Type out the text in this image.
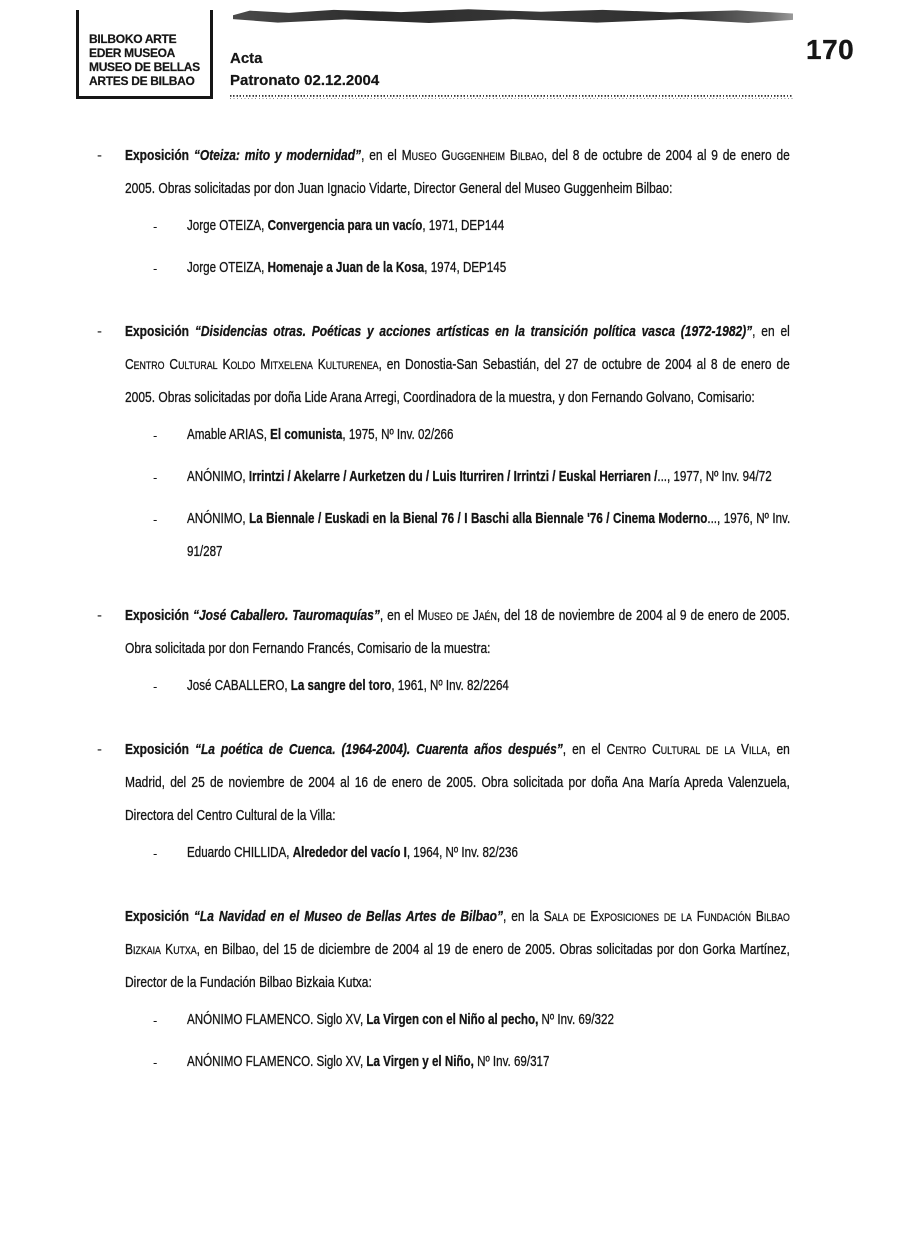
BILBOKO ARTE
EDER MUSEOA
MUSEO DE BELLAS
ARTES DE BILBAO
Acta
Patronato 02.12.2004
170
- Exposición “Oteiza: mito y modernidad”, en el Museo Guggenheim Bilbao, del 8 de octubre de 2004 al 9 de enero de 2005. Obras solicitadas por don Juan Ignacio Vidarte, Director General del Museo Guggenheim Bilbao:
- Jorge OTEIZA, Convergencia para un vacío, 1971, DEP144
- Jorge OTEIZA, Homenaje a Juan de la Kosa, 1974, DEP145
- Exposición “Disidencias otras. Poéticas y acciones artísticas en la transición política vasca (1972-1982)”, en el Centro Cultural Koldo Mitxelena Kulturenea, en Donostia-San Sebastián, del 27 de octubre de 2004 al 8 de enero de 2005. Obras solicitadas por doña Lide Arana Arregi, Coordinadora de la muestra, y don Fernando Golvano, Comisario:
- Amable ARIAS, El comunista, 1975, Nº Inv. 02/266
- ANÓNIMO, Irrintzi / Akelarre / Aurketzen du / Luis Iturriren / Irrintzi / Euskal Herriaren /..., 1977, Nº Inv. 94/72
- ANÓNIMO, La Biennale / Euskadi en la Bienal 76 / I Baschi alla Biennale '76 / Cinema Moderno..., 1976, Nº Inv. 91/287
- Exposición “José Caballero. Tauromaquías”, en el Museo de Jaén, del 18 de noviembre de 2004 al 9 de enero de 2005. Obra solicitada por don Fernando Francés, Comisario de la muestra:
- José CABALLERO, La sangre del toro, 1961, Nº Inv. 82/2264
- Exposición “La poética de Cuenca. (1964-2004). Cuarenta años después”, en el Centro Cultural de la Villa, en Madrid, del 25 de noviembre de 2004 al 16 de enero de 2005. Obra solicitada por doña Ana María Apreda Valenzuela, Directora del Centro Cultural de la Villa:
- Eduardo CHILLIDA, Alrededor del vacío I, 1964, Nº Inv. 82/236
Exposición “La Navidad en el Museo de Bellas Artes de Bilbao”, en la Sala de Exposiciones de la Fundación Bilbao Bizkaia Kutxa, en Bilbao, del 15 de diciembre de 2004 al 19 de enero de 2005. Obras solicitadas por don Gorka Martínez, Director de la Fundación Bilbao Bizkaia Kutxa:
- ANÓNIMO FLAMENCO. Siglo XV, La Virgen con el Niño al pecho, Nº Inv. 69/322
- ANÓNIMO FLAMENCO. Siglo XV, La Virgen y el Niño, Nº Inv. 69/317
